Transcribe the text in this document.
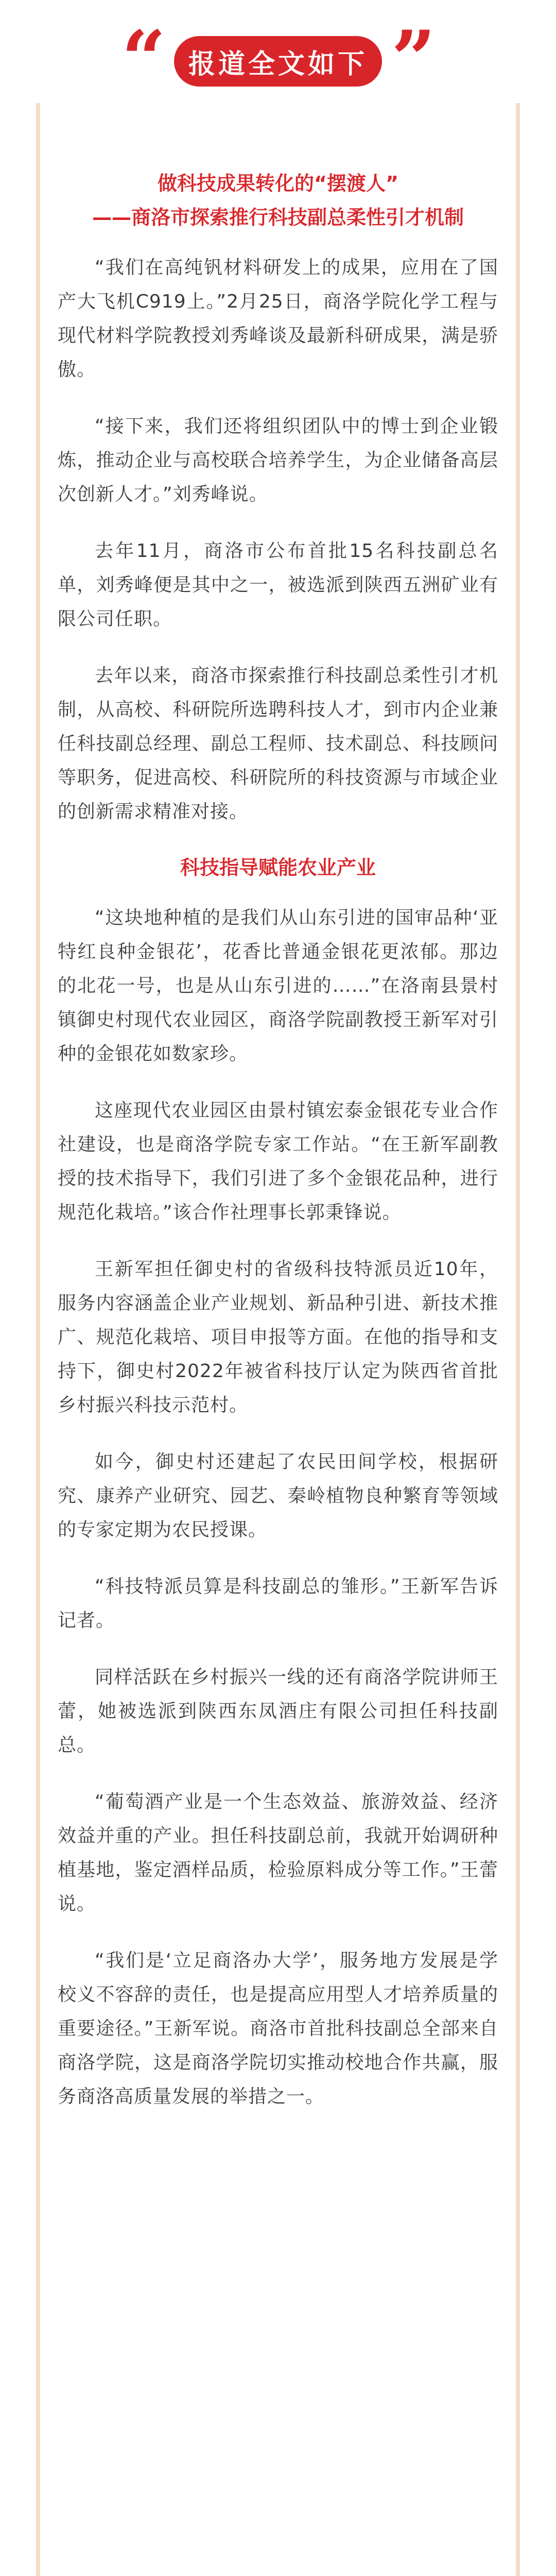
“ 报道全文如下 ”
做科技成果转化的“摆渡人”
——商洛市探索推行科技副总柔性引才机制

“我们在高纯钒材料研发上的成果，应用在了国产大飞机C919上。”2月25日，商洛学院化学工程与现代材料学院教授刘秀峰谈及最新科研成果，满是骄傲。

“接下来，我们还将组织团队中的博士到企业锻炼，推动企业与高校联合培养学生，为企业储备高层次创新人才。”刘秀峰说。

去年11月，商洛市公布首批15名科技副总名单，刘秀峰便是其中之一，被选派到陕西五洲矿业有限公司任职。

去年以来，商洛市探索推行科技副总柔性引才机制，从高校、科研院所选聘科技人才，到市内企业兼任科技副总经理、副总工程师、技术副总、科技顾问等职务，促进高校、科研院所的科技资源与市域企业的创新需求精准对接。

科技指导赋能农业产业

“这块地种植的是我们从山东引进的国审品种‘亚特红良种金银花’，花香比普通金银花更浓郁。那边的北花一号，也是从山东引进的……”在洛南县景村镇御史村现代农业园区，商洛学院副教授王新军对引种的金银花如数家珍。

这座现代农业园区由景村镇宏泰金银花专业合作社建设，也是商洛学院专家工作站。“在王新军副教授的技术指导下，我们引进了多个金银花品种，进行规范化栽培。”该合作社理事长郭秉锋说。

王新军担任御史村的省级科技特派员近10年，服务内容涵盖企业产业规划、新品种引进、新技术推广、规范化栽培、项目申报等方面。在他的指导和支持下，御史村2022年被省科技厅认定为陕西省首批乡村振兴科技示范村。

如今，御史村还建起了农民田间学校，根据研究、康养产业研究、园艺、秦岭植物良种繁育等领域的专家定期为农民授课。

“科技特派员算是科技副总的雏形。”王新军告诉记者。

同样活跃在乡村振兴一线的还有商洛学院讲师王蕾，她被选派到陕西东凤酒庄有限公司担任科技副总。

“葡萄酒产业是一个生态效益、旅游效益、经济效益并重的产业。担任科技副总前，我就开始调研种植基地，鉴定酒样品质，检验原料成分等工作。”王蕾说。

“我们是‘立足商洛办大学’，服务地方发展是学校义不容辞的责任，也是提高应用型人才培养质量的重要途径。”王新军说。商洛市首批科技副总全部来自商洛学院，这是商洛学院切实推动校地合作共赢，服务商洛高质量发展的举措之一。
